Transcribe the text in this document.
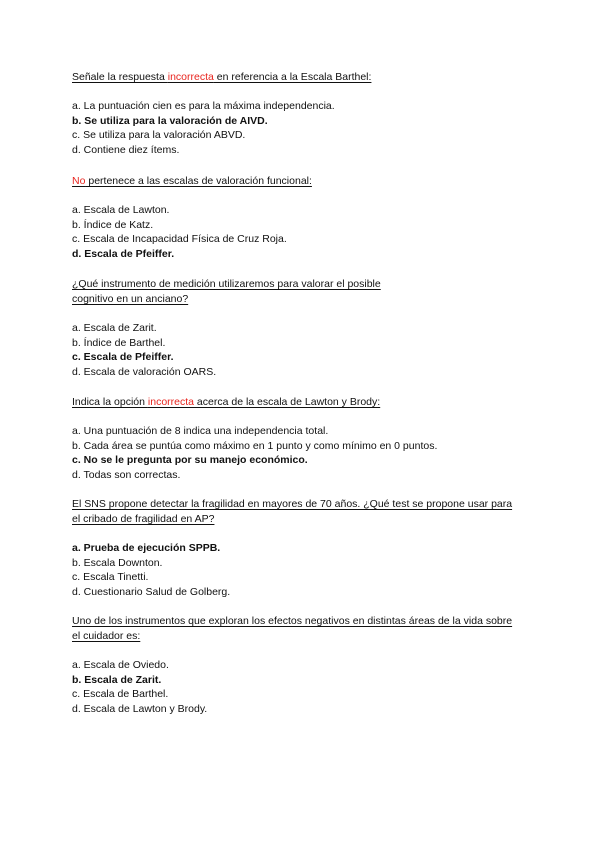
Señale la respuesta incorrecta en referencia a la Escala Barthel:

a. La puntuación cien es para la máxima independencia.

b. Se utiliza para la valoración de AIVD.

c. Se utiliza para la valoración ABVD.

d. Contiene diez ítems.

No pertenece a las escalas de valoración funcional:

a. Escala de Lawton.

b. Índice de Katz.

c. Escala de Incapacidad Física de Cruz Roja.

d. Escala de Pfeiffer.

¿Qué instrumento de medición utilizaremos para valorar el posible cognitivo en un anciano?

a. Escala de Zarit.

b. Índice de Barthel.

c. Escala de Pfeiffer.

d. Escala de valoración OARS.

Indica la opción incorrecta acerca de la escala de Lawton y Brody:

a. Una puntuación de 8 indica una independencia total.

b. Cada área se puntúa como máximo en 1 punto y como mínimo en 0 puntos.

c. No se le pregunta por su manejo económico.

d. Todas son correctas.

El SNS propone detectar la fragilidad en mayores de 70 años. ¿Qué test se propone usar para el cribado de fragilidad en AP?

a. Prueba de ejecución SPPB.

b. Escala Downton.

c. Escala Tinetti.

d. Cuestionario Salud de Golberg.

Uno de los instrumentos que exploran los efectos negativos en distintas áreas de la vida sobre el cuidador es:

a. Escala de Oviedo.

b. Escala de Zarit.

c. Escala de Barthel.

d. Escala de Lawton y Brody.
